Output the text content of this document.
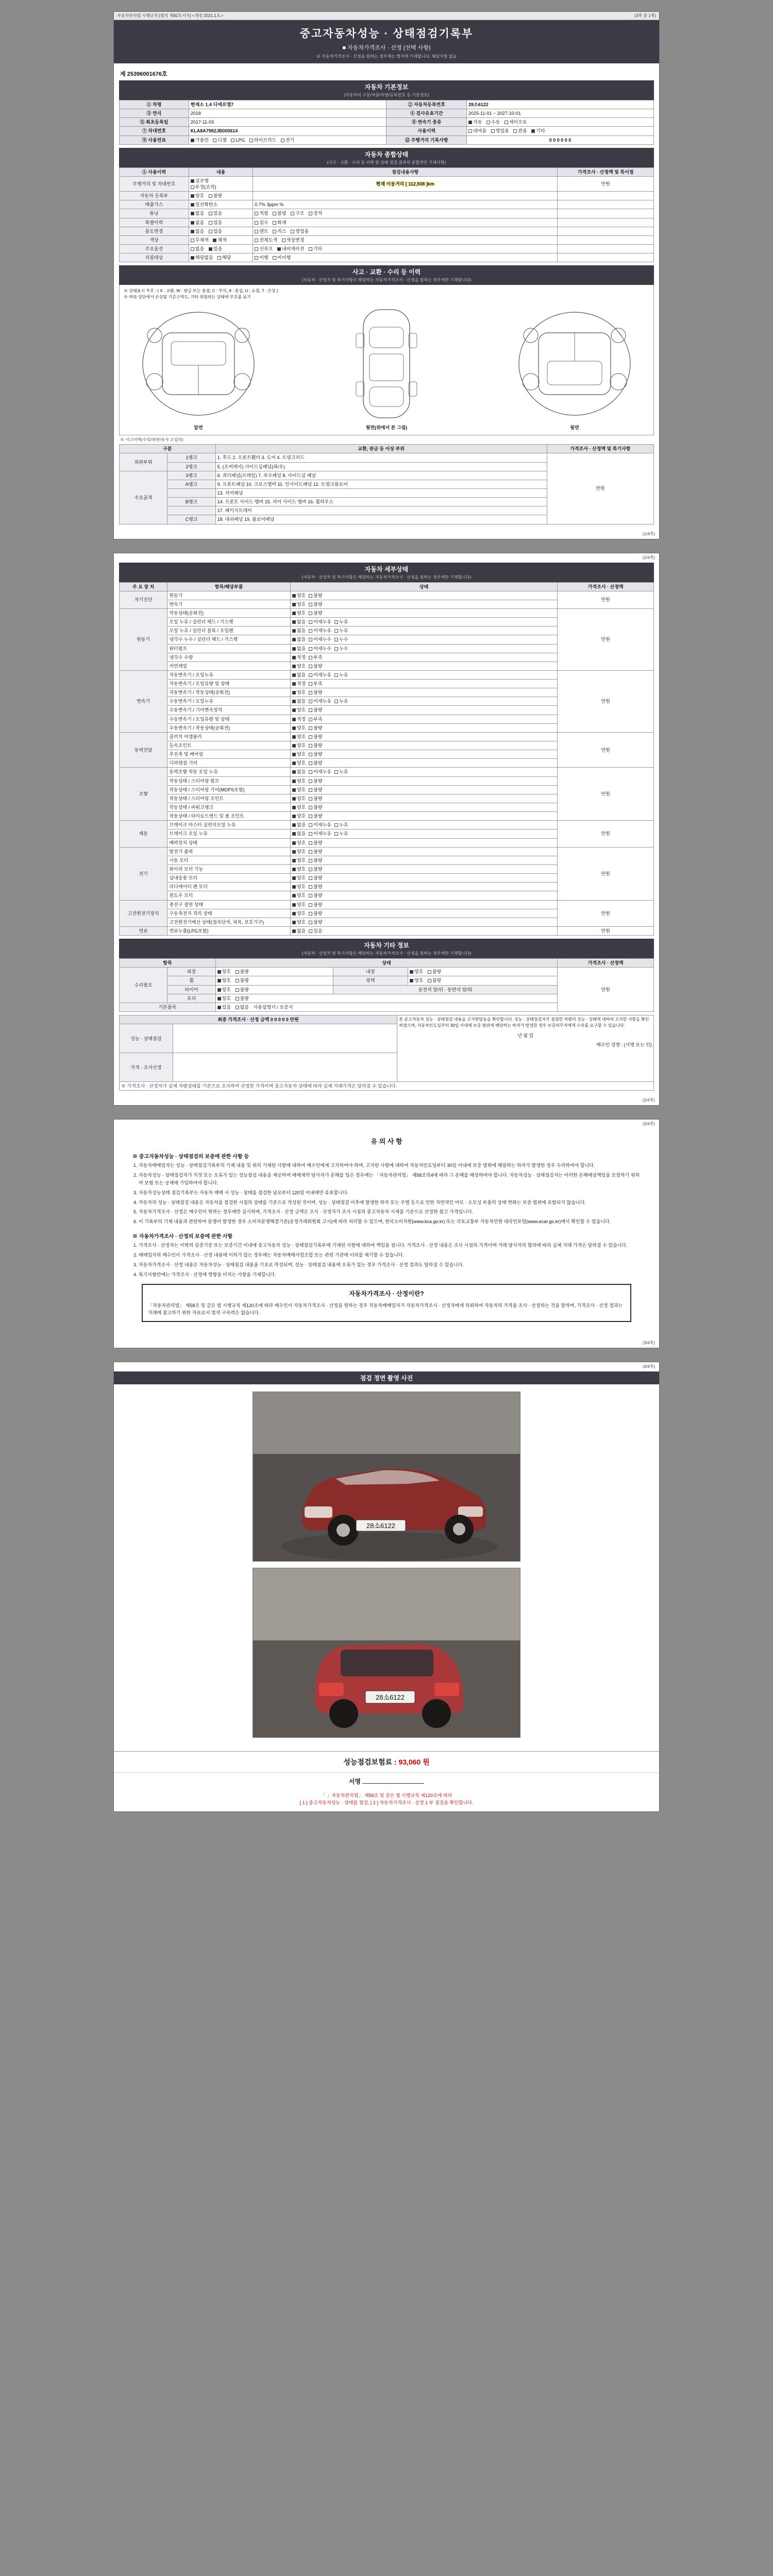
자동차관리법 시행규칙 [별지 제82호서식] <개정 2021.1.5.>	(3쪽 중 1쪽)
중고자동차성능 · 상태점검기록부
■ 자동차가격조사 · 산정 (선택 사항)
※ 자동차가격조사 · 산정을 원하는 경우에는 별지에 기재합니다. 해당사항 없음
제 25396001676호
자동차 기본정보
(자동차의 구분/차종/차명/등록번호 등 기본정보)
① 차명	현재소 1.4 디에프엘7	② 자동차등록번호	28소6122
③ 연식	2018	④ 검사유효기간	2025-11-01 ~ 2027-10-01
⑤ 최초등록일	2017-11-03	⑧ 변속기 종류	자동 수동 세미오토
⑦ 차대번호	KLA8A7982JB000614	사용이력	대여용 영업용 관용 기타
⑨ 사용연료	가솔린 디젤 LPG 하이브리드 전기	⑫ 주행거리 기록사항	0 0 0 0 0 0
자동차 종합상태
(사고 · 교환 · 수리 등 이력 및 상태 점검 결과의 종합적인 기재사항)
① 사용이력	내용	점검내용사항	가격조사 · 산정액 및 특이점
주행거리 및 차대번호	실주행
부정(조작)	현재 이동거리 [ 112,938 ]km	만원
자동차 등록부	양호 불량		
배출가스	일산화탄소	0.7% 3ppm %	
튜닝	없음 있음	적법 불법 구조 장치	
특별이력	없음 있음	침수 화재	
용도변경	없음 있음	렌트 리스 영업용	
색상	무채색 채색	전체도색 색상변경	
주요옵션	없음 있음	선루프 내비게이션 기타	
리콜대상	해당없음 해당	이행 미이행	
사고 · 교환 · 수리 등 이력
(자동차 · 산정자 및 특기사항은 해당하는 자동차가격조사 · 산정을 원하는 경우에만 기재합니다)
※ 상태표시 부호 : ( X : 교환, W : 판금 또는 용접, C : 부식, A : 흠집, U : 요철, T : 손상 )
※ 하단 상단에서 손상될 기준구역도, 기타 위험하는 상태에 부호를 표기
앞면	윗면(위에서 본 그림)	뒷면
※ 사고이력(수리/외판/유사 소입의)
구분		교환, 판금 등 이상 부위	가격조사 · 산정액 및 특기사항
외판부위	1랭크	1. 후드 2. 프론트휀더 3. 도어 4. 트렁크리드	만원
	2랭크	5. (오버레이) 사이드실패널(좌/우)	
주요골격	3랭크	6. 쿼터패널(프레임) 7. 루프패널 8. 사이드실 패널	
	A랭크	9. 프론트패널 10. 크로스멤버 11. 인사이드패널 12. 트렁크플로어	
		13. 리어패널	
	B랭크	14. 프론트 사이드 멤버 15. 리어 사이드 멤버 16. 휠하우스	
		17. 패키지트레이	
	C랭크	18. 대쉬패널 19. 플로어패널	
(1/4쪽)
(2/4쪽)
자동차 세부상태
(자동차 · 산정자 및 특기사항은 해당하는 자동차가격조사 · 산정을 원하는 경우에만 기재합니다)
주 요 장 치	항목/해당부품	상태	가격조사 · 산정액
자기진단	원동기	양호 불량	만원
	변속기	양호 불량	
원동기	작동상태(공회전)	양호 불량	만원
	오일 누유 / 실린더 헤드 / 가스켓	없음 미세누유 누유	
	오일 누유 / 실린더 블록 / 오일팬	없음 미세누유 누유	
	냉각수 누수 / 실린더 헤드 / 가스켓	없음 미세누수 누수	
	워터펌프	없음 미세누수 누수	
	냉각수 수량	적정 부족	
	커먼레일	양호 불량	
변속기	자동변속기 / 오일누유	없음 미세누유 누유	만원
	자동변속기 / 오일유량 및 상태	적정 부족	
	자동변속기 / 작동상태(공회전)	양호 불량	
	수동변속기 / 오일누유	없음 미세누유 누유	
	수동변속기 / 기어변속장치	양호 불량	
	수동변속기 / 오일유량 및 상태	적정 부족	
	수동변속기 / 작동상태(공회전)	양호 불량	
동력전달	클러치 어셈블리	양호 불량	만원
	등속조인트	양호 불량	
	추진축 및 베어링	양호 불량	
	디퍼렌셜 기어	양호 불량	
조향	동력조향 작동 오일 누유	없음 미세누유 누유	만원
	작동상태 / 스티어링 펌프	양호 불량	
	작동상태 / 스티어링 기어(MDPS포함)	양호 불량	
	작동상태 / 스티어링 조인트	양호 불량	
	작동상태 / 파워크랭크	양호 불량	
	작동상태 / 타이로드엔드 및 볼 조인트	양호 불량	
제동	브레이크 마스터 실린더오일 누유	없음 미세누유 누유	만원
	브레이크 오일 누유	없음 미세누유 누유	
	배력장치 상태	양호 불량	
전기	발전기 출력	양호 불량	만원
	시동 모터	양호 불량	
	와이퍼 모터 기능	양호 불량	
	실내송풍 모터	양호 불량	
	라디에이터 팬 모터	양호 불량	
	윈도우 모터	양호 불량	
고전원전기장치	충전구 절연 상태	양호 불량	만원
	구동축전지 격리 상태	양호 불량	
	고전원전기배선 상태(접속단자, 피복, 보호기구)	양호 불량	
연료	연료누출(LPG포함)	없음 있음	만원
자동차 기타 정보
(자동차 · 산정자 및 특기사항은 해당하는 자동차가격조사 · 산정을 원하는 경우에만 기재합니다)
항목		상태			가격조사 · 산정액
수리필요	외장	양호 불량	내장	양호 불량	만원
	휠	양호 불량	광택	양호 불량	
	타이어	양호 불량	운전석 앞/뒤 · 동반석 앞/뒤		
	유리	양호 불량			
기본품목		있음 없음 사용설명서 / 보증서			
최종 가격조사 · 산정 금액 0 0 0 0 0 만원		본 중고자동차 성능 · 상태점검 내용을 고지받았음을 확인합니다. 성능 · 상태점검자가 점검한 차량의 성능 · 상태에 대하여 고지한 사항을 확인하였으며, 자동차인도일부터 30일 이내에 보증 범위에 해당하는 하자가 발생한 경우 보증의무자에게 수리를 요구할 수 있습니다.
년 월 일
매수인 성명 : (서명 또는 인)

성능 · 상태점검		
가격 · 조사산정		
※ 가격조사 · 산정자가 실제 차량상태를 기준으로 조사하여 산정한 가격이며 중고자동차 상태에 따라 실제 거래가격은 달라질 수 있습니다.		
(2/4쪽)
(3/4쪽)
유 의 사 항
※ 중고자동차성능 · 상태점검의 보증에 관한 사항 등
1. 자동차매매업자는 성능 · 상태점검기록부의 기재 내용 및 위의 기재된 사항에 대하여 매수인에게 고지하여야 하며, 고지한 사항에 대하여 자동차인도일부터 30일 이내에 보증 범위에 해당하는 하자가 발생한 경우 수리하여야 합니다.
2. 자동차성능 · 상태점검자가 거짓 또는 오류가 있는 성능점검 내용을 제공하여 매매계약 당사자가 손해를 입은 경우에는 「자동차관리법」 제58조의4에 따라 그 손해를 배상하여야 합니다. 자동차성능 · 상태점검자는 이러한 손해배상책임을 보장하기 위하여 보험 또는 공제에 가입하여야 합니다.
3. 자동차성능상태 점검기록부는 자동차 매매 시 성능 · 상태를 점검한 날로부터 120일 이내에만 유효합니다.
4. 자동차의 성능 · 상태점검 내용은 자동차를 점검한 시점의 상태를 기준으로 작성된 것이며, 성능 · 상태점검 이후에 발생한 하자 또는 주행 등으로 인한 자연적인 마모 · 소모성 부품의 상태 변화는 보증 범위에 포함되지 않습니다.
5. 자동차가격조사 · 산정은 매수인이 원하는 경우에만 실시하며, 가격조사 · 산정 금액은 조사 · 산정자가 조사 시점의 중고자동차 시세를 기준으로 산정한 참고 가격입니다.
6. 이 기록부의 기재 내용과 관련하여 분쟁이 발생한 경우 소비자분쟁해결기준(공정거래위원회 고시)에 따라 처리할 수 있으며, 한국소비자원(www.kca.go.kr) 또는 국토교통부 자동차민원 대국민포털(www.ecar.go.kr)에서 확인할 수 있습니다.
※ 자동차가격조사 · 산정의 보증에 관한 사항
1. 가격조사 · 산정자는 이력의 실증기준 또는 보증기간 이내에 중고자동차 성능 · 상태점검기록부에 기재된 사항에 대하여 책임을 집니다. 가격조사 · 산정 내용은 조사 시점의 가격이며 거래 당사자의 협의에 따라 실제 거래 가격은 달라질 수 있습니다.
2. 매매업자의 매수인이 가격조사 · 산정 내용에 이의가 있는 경우에는 자동차매매사업조합 또는 관련 기관에 이의를 제기할 수 있습니다.
3. 자동차가격조사 · 산정 내용은 자동차성능 · 상태점검 내용을 기초로 작성되며, 성능 · 상태점검 내용에 오류가 있는 경우 가격조사 · 산정 결과도 달라질 수 있습니다.
4. 특기사항란에는 가격조사 · 산정에 영향을 미치는 사항을 기재합니다.
자동차가격조사 · 산정이란?
「자동차관리법」 제58조 및 같은 법 시행규칙 제120조에 따라 매수인이 자동차가격조사 · 산정을 원하는 경우 자동차매매업자가 자동차가격조사 · 산정자에게 의뢰하여 자동차의 가격을 조사 · 산정하는 것을 말하며, 가격조사 · 산정 결과는 거래에 참고하기 위한 자료로서 법적 구속력은 없습니다.
(3/4쪽)
(4/4쪽)
점검 정면 촬영 사진
28소6122
28소6122
성능점검보험료 : 93,060 원
서명
「 」자동차관리법」 제58조 및 같은 법 시행규칙 제120조에 따라
[ 1 ] 중고자동차성능 · 상태를 점검, [ 2 ] 자동차가격조사 · 산정 1 부 점검을 확인합니다.
